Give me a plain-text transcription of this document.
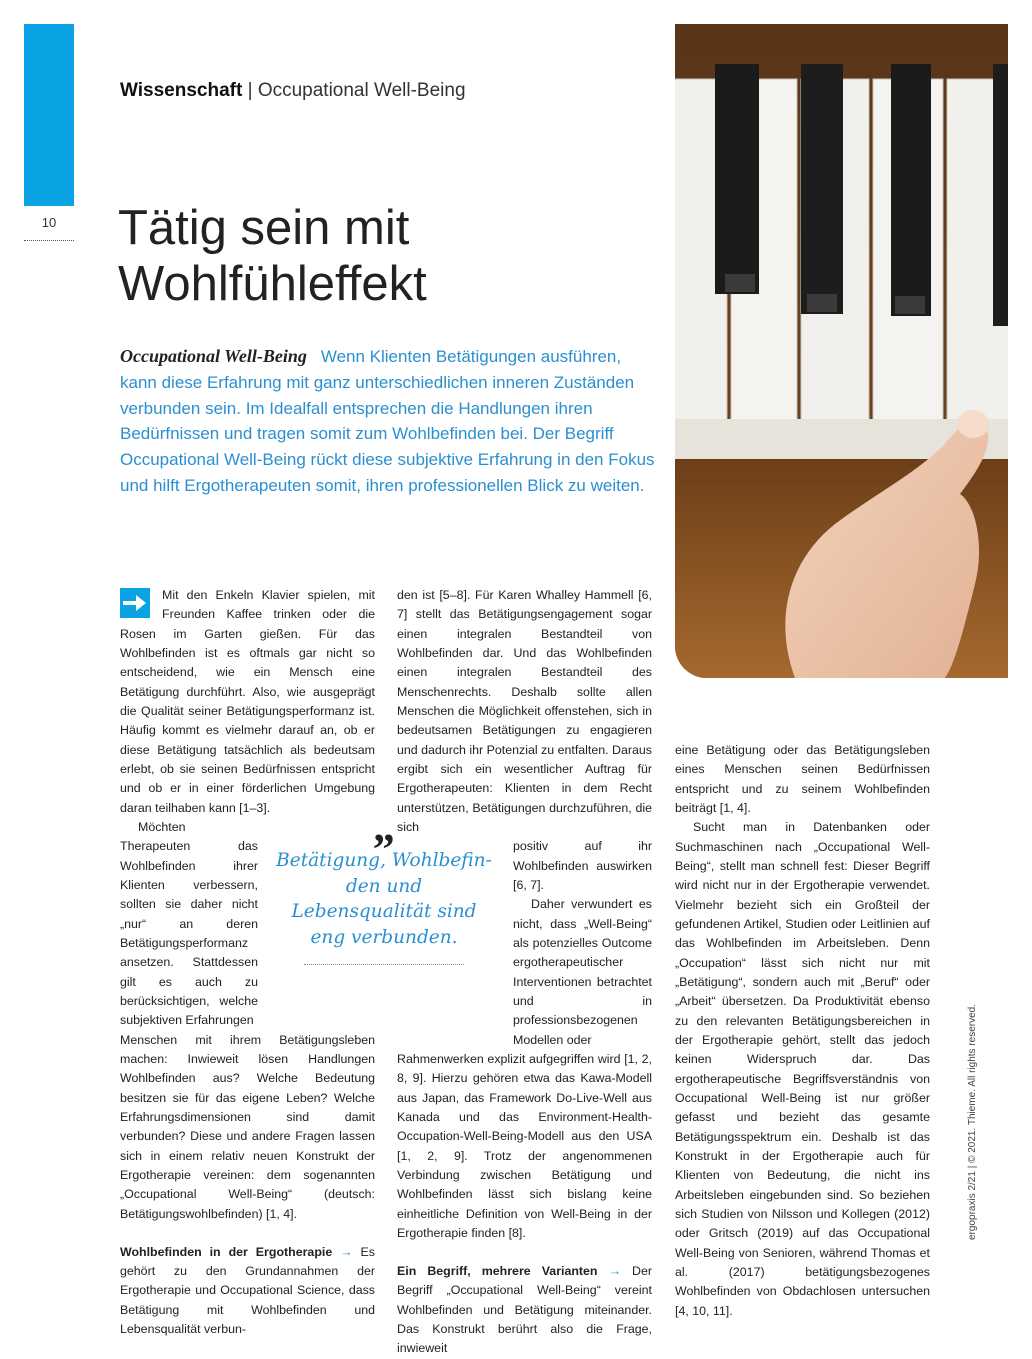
10
Wissenschaft | Occupational Well-Being
Tätig sein mit
Wohlfühleffekt
Occupational Well-Being Wenn Klienten Betätigungen ausführen, kann diese Erfahrung mit ganz unterschiedlichen inneren Zuständen verbunden sein. Im Idealfall entsprechen die Handlungen ihren Bedürfnissen und tragen somit zum Wohlbefinden bei. Der Begriff Occupational Well-Being rückt diese subjektive Erfahrung in den Fokus und hilft Ergotherapeuten somit, ihren professionellen Blick zu weiten.

Mit den Enkeln Klavier spielen, mit Freunden Kaffee trinken oder die Rosen im Garten gießen. Für das Wohlbefinden ist es oftmals gar nicht so entscheidend, wie ein Mensch eine Betätigung durchführt. Also, wie ausgeprägt die Qualität seiner Betätigungsperformanz ist. Häufig kommt es vielmehr darauf an, ob er diese Betätigung tatsächlich als bedeutsam erlebt, ob sie seinen Bedürfnissen entspricht und ob er in einer förderlichen Umgebung daran teilhaben kann [1–3].

Möchten Therapeuten das Wohlbefinden ihrer Klienten verbessern, sollten sie daher nicht „nur“ an deren Betätigungsperformanz ansetzen. Stattdessen gilt es auch zu berücksichtigen, welche subjektiven Erfahrungen

Menschen mit ihrem Betätigungsleben machen: Inwieweit lösen Handlungen Wohlbefinden aus? Welche Bedeutung besitzen sie für das eigene Leben? Welche Erfahrungsdimensionen sind damit verbunden? Diese und andere Fragen lassen sich in einem relativ neuen Konstrukt der Ergotherapie vereinen: dem sogenannten „Occupational Well-Being“ (deutsch: Betätigungswohlbefinden) [1, 4].

Wohlbefinden in der Ergotherapie → Es gehört zu den Grundannahmen der Ergotherapie und Occupational Science, dass Betätigung mit Wohlbefinden und Lebensqualität verbun-

den ist [5–8]. Für Karen Whalley Hammell [6, 7] stellt das Betätigungsengagement sogar einen integralen Bestandteil von Wohlbefinden dar. Und das Wohlbefinden einen integralen Bestandteil des Menschenrechts. Deshalb sollte allen Menschen die Möglichkeit offenstehen, sich in bedeutsamen Betätigungen zu engagieren und dadurch ihr Potenzial zu entfalten. Daraus ergibt sich ein wesentlicher Auftrag für Ergotherapeuten: Klienten in dem Recht unterstützen, Betätigungen durchzuführen, die sich

positiv auf ihr Wohlbefinden auswirken [6, 7].

Daher verwundert es nicht, dass „Well-Being“ als potenzielles Outcome ergotherapeutischer Interventionen betrachtet und in professionsbezogenen Modellen oder

Rahmenwerken explizit aufgegriffen wird [1, 2, 8, 9]. Hierzu gehören etwa das Kawa-Modell aus Japan, das Framework Do-Live-Well aus Kanada und das Environment-Health-Occupation-Well-Being-Modell aus den USA [1, 2, 9]. Trotz der angenommenen Verbindung zwischen Betätigung und Wohlbefinden lässt sich bislang keine einheitliche Definition von Well-Being in der Ergotherapie finden [8].

Ein Begriff, mehrere Varianten → Der Begriff „Occupational Well-Being“ vereint Wohlbefinden und Betätigung miteinander. Das Konstrukt berührt also die Frage, inwieweit

eine Betätigung oder das Betätigungsleben eines Menschen seinen Bedürfnissen entspricht und zu seinem Wohlbefinden beiträgt [1, 4].

Sucht man in Datenbanken oder Suchmaschinen nach „Occupational Well-Being“, stellt man schnell fest: Dieser Begriff wird nicht nur in der Ergotherapie verwendet. Vielmehr bezieht sich ein Großteil der gefundenen Artikel, Studien oder Leitlinien auf das Wohlbefinden im Arbeitsleben. Denn „Occupation“ lässt sich nicht nur mit „Betätigung“, sondern auch mit „Beruf“ oder „Arbeit“ übersetzen. Da Produktivität ebenso zu den relevanten Betätigungsbereichen in der Ergotherapie gehört, stellt das jedoch keinen Widerspruch dar. Das ergotherapeutische Begriffsverständnis von Occupational Well-Being ist nur größer gefasst und bezieht das gesamte Betätigungsspektrum ein. Deshalb ist das Konstrukt in der Ergotherapie auch für Klienten von Bedeutung, die nicht ins Arbeitsleben eingebunden sind. So beziehen sich Studien von Nilsson und Kollegen (2012) oder Gritsch (2019) auf das Occupational Well-Being von Senioren, während Thomas et al. (2017) betätigungsbezogenes Wohlbefinden von Obdachlosen untersuchen [4, 10, 11].

„
Betätigung, Wohlbefin- den und Lebensqualität sind eng verbunden.
ergopraxis 2/21 | © 2021. Thieme. All rights reserved.
